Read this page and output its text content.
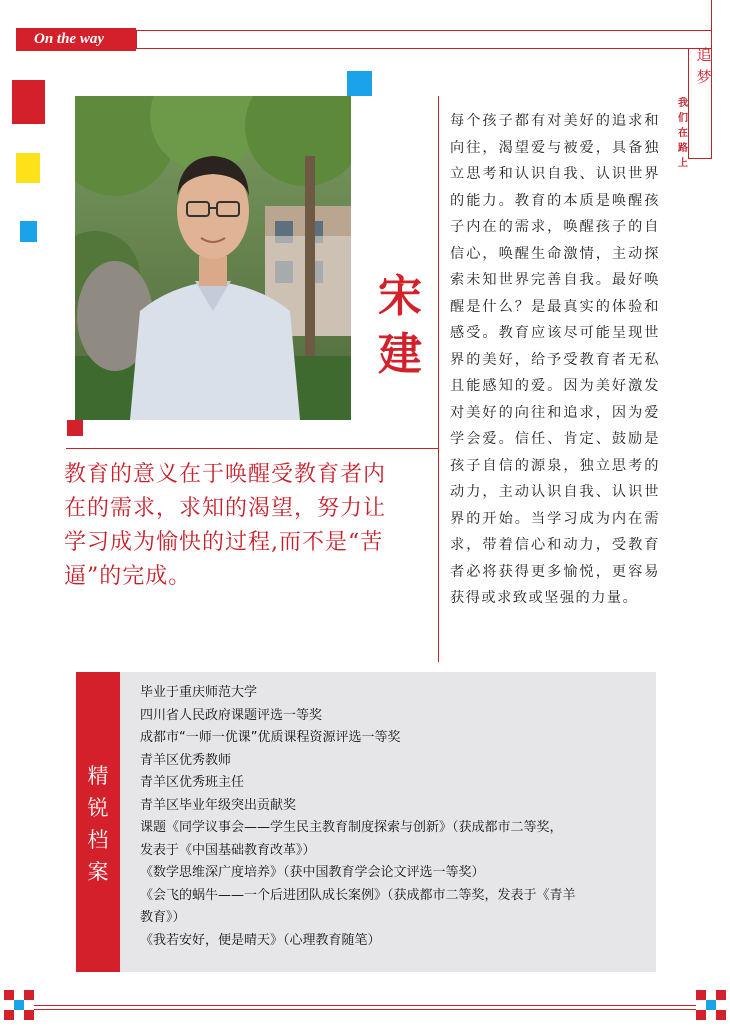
On the way
追
梦
我
们
在
路
上
宋
建
教育的意义在于唤醒受教育者内在的需求，求知的渴望，努力让学习成为愉快的过程,而不是“苦逼”的完成。
每个孩子都有对美好的追求和向往，渴望爱与被爱，具备独立思考和认识自我、认识世界的能力。教育的本质是唤醒孩子内在的需求，唤醒孩子的自信心，唤醒生命激情，主动探索未知世界完善自我。最好唤醒是什么？是最真实的体验和感受。教育应该尽可能呈现世界的美好，给予受教育者无私且能感知的爱。因为美好激发对美好的向往和追求，因为爱学会爱。信任、肯定、鼓励是孩子自信的源泉，独立思考的动力，主动认识自我、认识世界的开始。当学习成为内在需求，带着信心和动力，受教育者必将获得更多愉悦，更容易获得或求致或坚强的力量。
精
锐
档
案
毕业于重庆师范大学
四川省人民政府课题评选一等奖
成都市“一师一优课”优质课程资源评选一等奖
青羊区优秀教师
青羊区优秀班主任
青羊区毕业年级突出贡献奖
课题《同学议事会——学生民主教育制度探索与创新》（获成都市二等奖，
发表于《中国基础教育改革》）
《数学思维深广度培养》（获中国教育学会论文评选一等奖）
《会飞的蜗牛——一个后进团队成长案例》（获成都市二等奖，发表于《青羊
教育》）
《我若安好，便是晴天》（心理教育随笔）
